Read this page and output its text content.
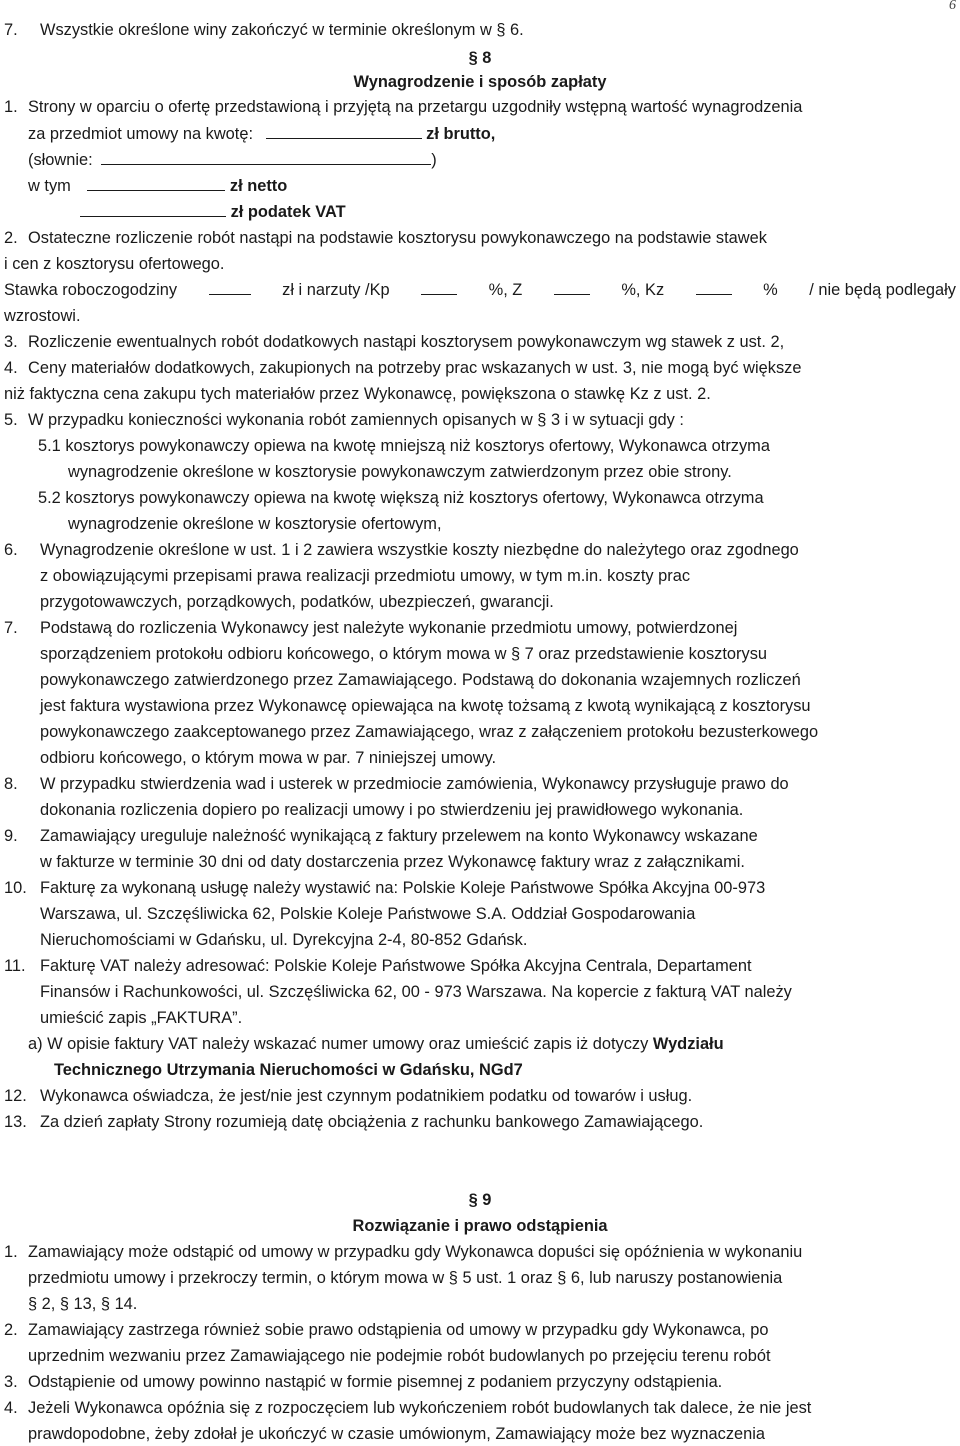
6
7. Wszystkie określone winy zakończyć w terminie określonym w § 6.
§ 8
Wynagrodzenie i sposób zapłaty
1. Strony w oparciu o ofertę przedstawioną i przyjętą na przetargu uzgodniły wstępną wartość wynagrodzenia
za przedmiot umowy na kwotę:	zł brutto,
(słownie:	)
w tym	zł netto
zł podatek VAT
2. Ostateczne rozliczenie robót nastąpi na podstawie kosztorysu powykonawczego na podstawie stawek
i cen z kosztorysu ofertowego.
Stawka roboczogodziny	zł i narzuty /Kp	%, Z	%, Kz	% / nie będą podlegały
wzrostowi.
3. Rozliczenie ewentualnych robót dodatkowych nastąpi kosztorysem powykonawczym wg stawek z ust. 2,
4. Ceny materiałów dodatkowych, zakupionych na potrzeby prac wskazanych w ust. 3, nie mogą być większe
niż faktyczna cena zakupu tych materiałów przez Wykonawcę, powiększona o stawkę Kz z ust. 2.
5. W przypadku konieczności wykonania robót zamiennych opisanych w § 3 i w sytuacji gdy :
5.1 kosztorys powykonawczy opiewa na kwotę mniejszą niż kosztorys ofertowy, Wykonawca otrzyma
wynagrodzenie określone w kosztorysie powykonawczym zatwierdzonym przez obie strony.
5.2 kosztorys powykonawczy opiewa na kwotę większą niż kosztorys ofertowy, Wykonawca otrzyma
wynagrodzenie określone w kosztorysie ofertowym,
6. Wynagrodzenie określone w ust. 1 i 2 zawiera wszystkie koszty niezbędne do należytego oraz zgodnego
z obowiązującymi przepisami prawa realizacji przedmiotu umowy, w tym m.in. koszty prac
przygotowawczych, porządkowych, podatków, ubezpieczeń, gwarancji.
7. Podstawą do rozliczenia Wykonawcy jest należyte wykonanie przedmiotu umowy, potwierdzonej
sporządzeniem protokołu odbioru końcowego, o którym mowa w § 7 oraz przedstawienie kosztorysu
powykonawczego zatwierdzonego przez Zamawiającego. Podstawą do dokonania wzajemnych rozliczeń
jest faktura wystawiona przez Wykonawcę opiewająca na kwotę tożsamą z kwotą wynikającą z kosztorysu
powykonawczego zaakceptowanego przez Zamawiającego, wraz z załączeniem protokołu bezusterkowego
odbioru końcowego, o którym mowa w par. 7 niniejszej umowy.
8. W przypadku stwierdzenia wad i usterek w przedmiocie zamówienia, Wykonawcy przysługuje prawo do
dokonania rozliczenia dopiero po realizacji umowy i po stwierdzeniu jej prawidłowego wykonania.
9. Zamawiający ureguluje należność wynikającą z faktury przelewem na konto Wykonawcy wskazane
w fakturze w terminie 30 dni od daty dostarczenia przez Wykonawcę faktury wraz z załącznikami.
10. Fakturę za wykonaną usługę należy wystawić na: Polskie Koleje Państwowe Spółka Akcyjna 00-973
Warszawa, ul. Szczęśliwicka 62, Polskie Koleje Państwowe S.A. Oddział Gospodarowania
Nieruchomościami w Gdańsku, ul. Dyrekcyjna 2-4, 80-852 Gdańsk.
11. Fakturę VAT należy adresować: Polskie Koleje Państwowe Spółka Akcyjna Centrala, Departament
Finansów i Rachunkowości, ul. Szczęśliwicka 62, 00 - 973 Warszawa. Na kopercie z fakturą VAT należy
umieścić zapis „FAKTURA”.
a) W opisie faktury VAT należy wskazać numer umowy oraz umieścić zapis iż dotyczy Wydziału
Technicznego Utrzymania Nieruchomości w Gdańsku, NGd7
12. Wykonawca oświadcza, że jest/nie jest czynnym podatnikiem podatku od towarów i usług.
13. Za dzień zapłaty Strony rozumieją datę obciążenia z rachunku bankowego Zamawiającego.
§ 9
Rozwiązanie i prawo odstąpienia
1. Zamawiający może odstąpić od umowy w przypadku gdy Wykonawca dopuści się opóźnienia w wykonaniu
przedmiotu umowy i przekroczy termin, o którym mowa w § 5 ust. 1 oraz § 6, lub naruszy postanowienia
§ 2, § 13, § 14.
2. Zamawiający zastrzega również sobie prawo odstąpienia od umowy w przypadku gdy Wykonawca, po
uprzednim wezwaniu przez Zamawiającego nie podejmie robót budowlanych po przejęciu terenu robót
3. Odstąpienie od umowy powinno nastąpić w formie pisemnej z podaniem przyczyny odstąpienia.
4. Jeżeli Wykonawca opóźnia się z rozpoczęciem lub wykończeniem robót budowlanych tak dalece, że nie jest
prawdopodobne, żeby zdołał je ukończyć w czasie umówionym, Zamawiający może bez wyznaczenia
